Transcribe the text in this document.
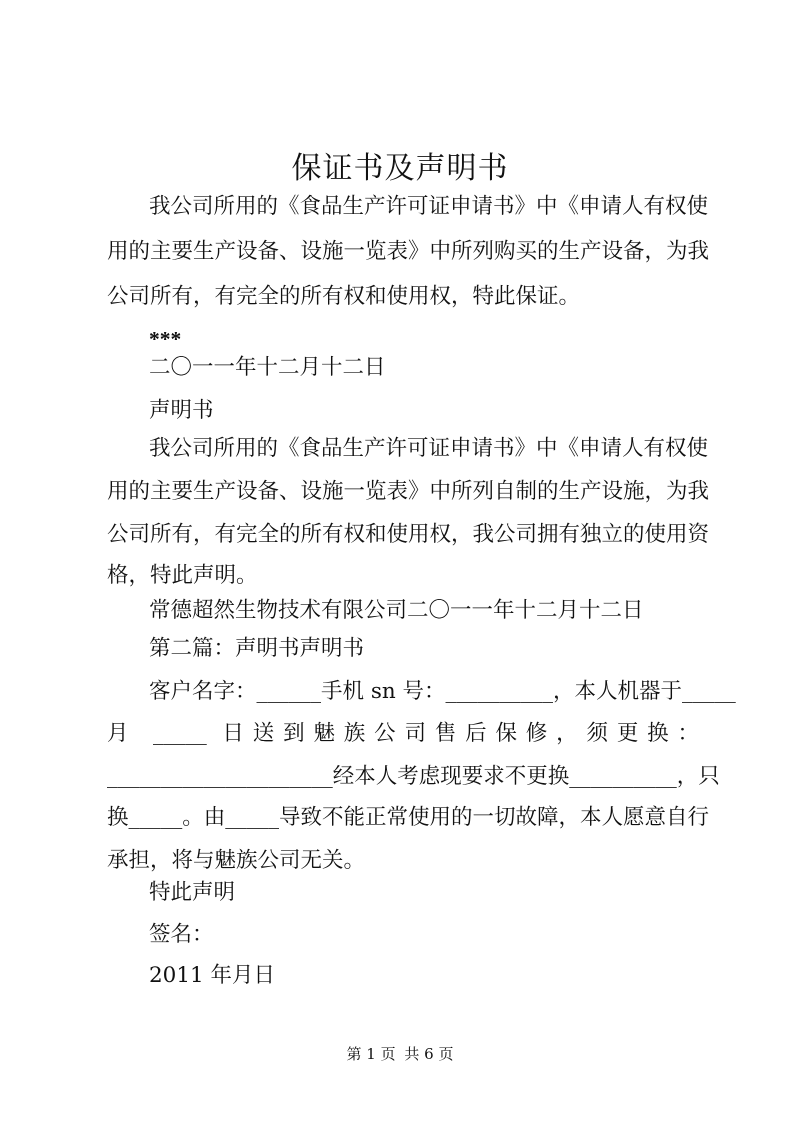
保证书及声明书
我公司所用的《食品生产许可证申请书》中《申请人有权使
用的主要生产设备、设施一览表》中所列购买的生产设备，为我
公司所有，有完全的所有权和使用权，特此保证。
***
二〇一一年十二月十二日
声明书
我公司所用的《食品生产许可证申请书》中《申请人有权使
用的主要生产设备、设施一览表》中所列自制的生产设施，为我
公司所有，有完全的所有权和使用权，我公司拥有独立的使用资
格，特此声明。
常德超然生物技术有限公司二〇一一年十二月十二日
第二篇：声明书声明书
客户名字：______手机 sn 号：__________，本人机器于_____
月 _____ 日送到魅族公司售后保修，须更换：
_____________________经本人考虑现要求不更换__________，只
换_____。由_____导致不能正常使用的一切故障，本人愿意自行
承担，将与魅族公司无关。
特此声明
签名：
2011 年月日
第 1 页 共 6 页
